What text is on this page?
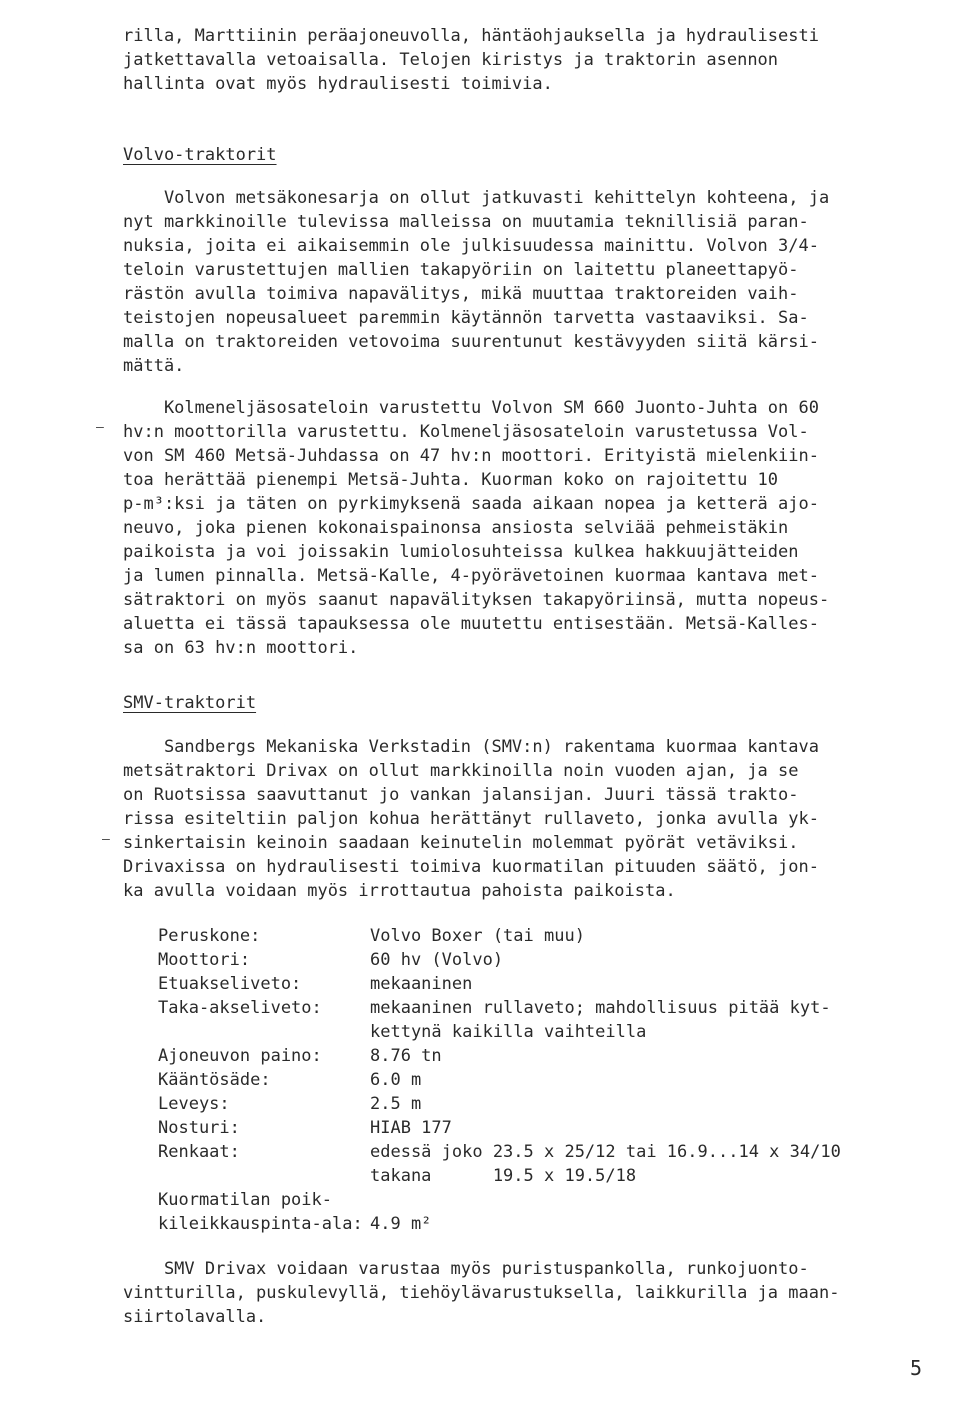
rilla, Marttiinin peräajoneuvolla, häntäohjauksella ja hydraulisesti
jatkettavalla vetoaisalla. Telojen kiristys ja traktorin asennon
hallinta ovat myös hydraulisesti toimivia.
Volvo-traktorit
Volvon metsäkonesarja on ollut jatkuvasti kehittelyn kohteena, ja
nyt markkinoille tulevissa malleissa on muutamia teknillisiä paran-
nuksia, joita ei aikaisemmin ole julkisuudessa mainittu. Volvon 3/4-
teloin varustettujen mallien takapyöriin on laitettu planeettapyö-
rästön avulla toimiva napavälitys, mikä muuttaa traktoreiden vaih-
teistojen nopeusalueet paremmin käytännön tarvetta vastaaviksi. Sa-
malla on traktoreiden vetovoima suurentunut kestävyyden siitä kärsi-
mättä.
‒
Kolmeneljäsosateloin varustettu Volvon SM 660 Juonto-Juhta on 60
hv:n moottorilla varustettu. Kolmeneljäsosateloin varustetussa Vol-
von SM 460 Metsä-Juhdassa on 47 hv:n moottori. Erityistä mielenkiin-
toa herättää pienempi Metsä-Juhta. Kuorman koko on rajoitettu 10
p-m³:ksi ja täten on pyrkimyksenä saada aikaan nopea ja ketterä ajo-
neuvo, joka pienen kokonaispainonsa ansiosta selviää pehmeistäkin
paikoista ja voi joissakin lumiolosuhteissa kulkea hakkuujätteiden
ja lumen pinnalla. Metsä-Kalle, 4-pyörävetoinen kuormaa kantava met-
sätraktori on myös saanut napavälityksen takapyöriinsä, mutta nopeus-
aluetta ei tässä tapauksessa ole muutettu entisestään. Metsä-Kalles-
sa on 63 hv:n moottori.
SMV-traktorit
Sandbergs Mekaniska Verkstadin (SMV:n) rakentama kuormaa kantava
metsätraktori Drivax on ollut markkinoilla noin vuoden ajan, ja se
on Ruotsissa saavuttanut jo vankan jalansijan. Juuri tässä trakto-
rissa esiteltiin paljon kohua herättänyt rullaveto, jonka avulla yk-
sinkertaisin keinoin saadaan keinutelin molemmat pyörät vetäviksi.
Drivaxissa on hydraulisesti toimiva kuormatilan pituuden säätö, jon-
ka avulla voidaan myös irrottautua pahoista paikoista.
‒
Peruskone:	Volvo Boxer (tai muu)
Moottori:	60 hv (Volvo)
Etuakseliveto:	mekaaninen
Taka-akseliveto:	mekaaninen rullaveto; mahdollisuus pitää kyt-
kettynä kaikilla vaihteilla
Ajoneuvon paino:	8.76 tn
Kääntösäde:	6.0 m
Leveys:	2.5 m
Nosturi:	HIAB 177
Renkaat:	edessä joko 23.5 x 25/12 tai 16.9...14 x 34/10
takana      19.5 x 19.5/18
Kuormatilan poik-
kileikkauspinta-ala: 4.9 m²
SMV Drivax voidaan varustaa myös puristuspankolla, runkojuonto-
vintturilla, puskulevyllä, tiehöylävarustuksella, laikkurilla ja maan-
siirtolavalla.
5
